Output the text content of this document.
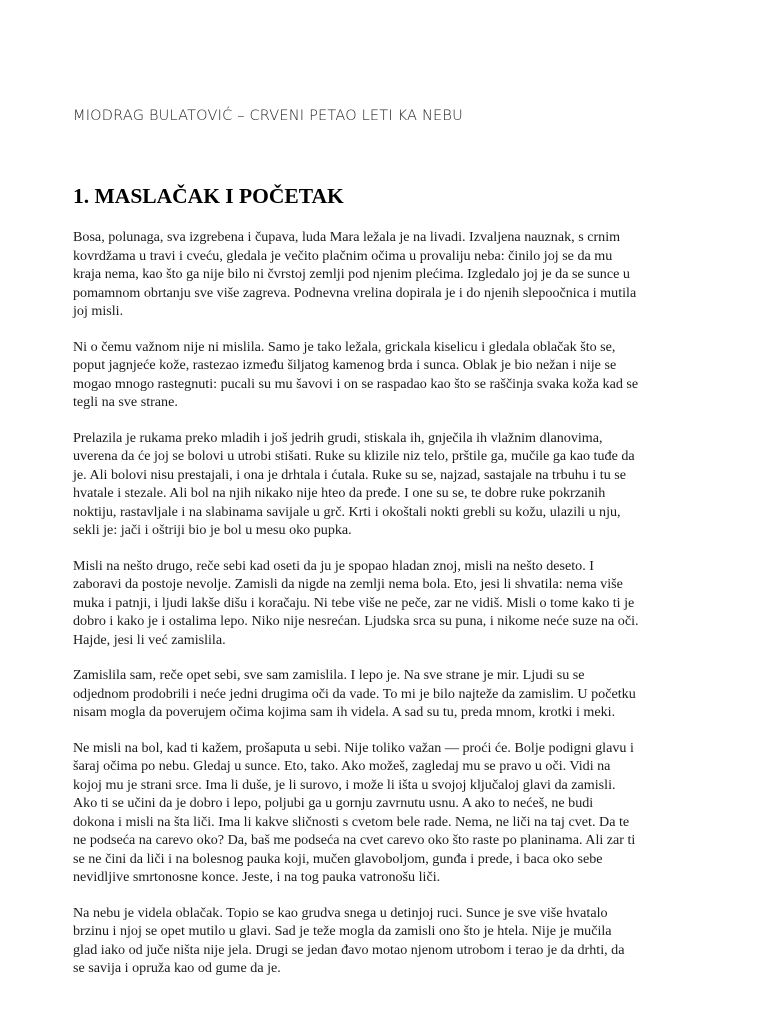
MIODRAG BULATOVIĆ – CRVENI PETAO LETI KA NEBU
1. MASLAČAK I POČETAK

Bosa, polunaga, sva izgrebena i čupava, luda Mara ležala je na livadi. Izvaljena nauznak, s crnim
kovrdžama u travi i cveću, gledala je večito plačnim očima u provaliju neba: činilo joj se da mu
kraja nema, kao što ga nije bilo ni čvrstoj zemlji pod njenim plećima. Izgledalo joj je da se sunce u
pomamnom obrtanju sve više zagreva. Podnevna vrelina dopirala je i do njenih slepoočnica i mutila
joj misli.

Ni o čemu važnom nije ni mislila. Samo je tako ležala, grickala kiselicu i gledala oblačak što se,
poput jagnjeće kože, rastezao između šiljatog kamenog brda i sunca. Oblak je bio nežan i nije se
mogao mnogo rastegnuti: pucali su mu šavovi i on se raspadao kao što se raščinja svaka koža kad se
tegli na sve strane.

Prelazila je rukama preko mladih i još jedrih grudi, stiskala ih, gnječila ih vlažnim dlanovima,
uverena da će joj se bolovi u utrobi stišati. Ruke su klizile niz telo, prštile ga, mučile ga kao tuđe da
je. Ali bolovi nisu prestajali, i ona je drhtala i ćutala. Ruke su se, najzad, sastajale na trbuhu i tu se
hvatale i stezale. Ali bol na njih nikako nije hteo da pređe. I one su se, te dobre ruke pokrzanih
noktiju, rastavljale i na slabinama savijale u grč. Krti i okoštali nokti grebli su kožu, ulazili u nju,
sekli je: jači i oštriji bio je bol u mesu oko pupka.

Misli na nešto drugo, reče sebi kad oseti da ju je spopao hladan znoj, misli na nešto deseto. I
zaboravi da postoje nevolje. Zamisli da nigde na zemlji nema bola. Eto, jesi li shvatila: nema više
muka i patnji, i ljudi lakše dišu i koračaju. Ni tebe više ne peče, zar ne vidiš. Misli o tome kako ti je
dobro i kako je i ostalima lepo. Niko nije nesrećan. Ljudska srca su puna, i nikome neće suze na oči.
Hajde, jesi li već zamislila.

Zamislila sam, reče opet sebi, sve sam zamislila. I lepo je. Na sve strane je mir. Ljudi su se
odjednom prodobrili i neće jedni drugima oči da vade. To mi je bilo najteže da zamislim. U početku
nisam mogla da poverujem očima kojima sam ih videla. A sad su tu, preda mnom, krotki i meki.

Ne misli na bol, kad ti kažem, prošaputa u sebi. Nije toliko važan — proći će. Bolje podigni glavu i
šaraj očima po nebu. Gledaj u sunce. Eto, tako. Ako možeš, zagledaj mu se pravo u oči. Vidi na
kojoj mu je strani srce. Ima li duše, je li surovo, i može li išta u svojoj ključaloj glavi da zamisli.
Ako ti se učini da je dobro i lepo, poljubi ga u gornju zavrnutu usnu. A ako to nećeš, ne budi
dokona i misli na šta liči. Ima li kakve sličnosti s cvetom bele rade. Nema, ne liči na taj cvet. Da te
ne podseća na carevo oko? Da, baš me podseća na cvet carevo oko što raste po planinama. Ali zar ti
se ne čini da liči i na bolesnog pauka koji, mučen glavoboljom, gunđa i prede, i baca oko sebe
nevidljive smrtonosne konce. Jeste, i na tog pauka vatronošu liči.

Na nebu je videla oblačak. Topio se kao grudva snega u detinjoj ruci. Sunce je sve više hvatalo
brzinu i njoj se opet mutilo u glavi. Sad je teže mogla da zamisli ono što je htela. Nije je mučila
glad iako od juče ništa nije jela. Drugi se jedan đavo motao njenom utrobom i terao je da drhti, da
se savija i opruža kao od gume da je.
